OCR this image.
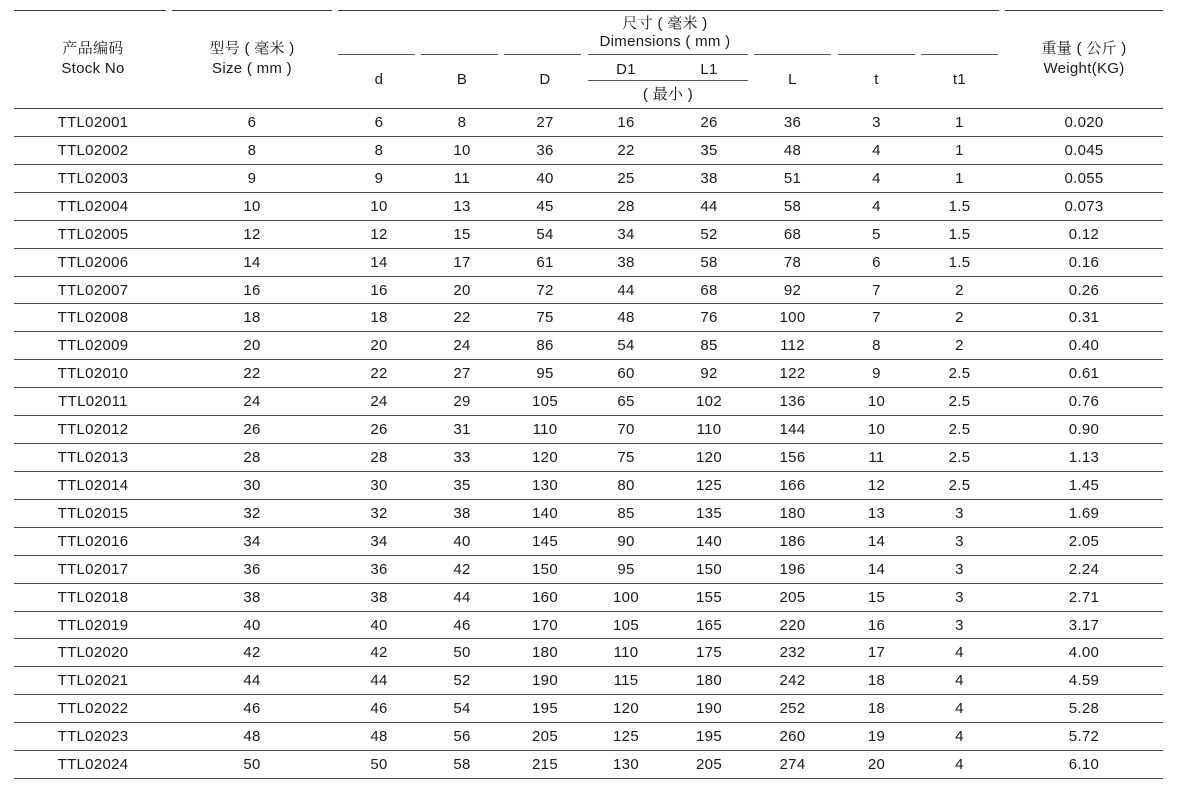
产品编码
Stock No
型号 ( 毫米 )
Size ( mm )
尺寸 ( 毫米 )
Dimensions ( mm )
d	B	D
D1	L1
( 最小 )
L	t	t1
重量 ( 公斤 )
Weight(KG)
TTL02001	6	6	8	27	16	26	36	3	1	0.020
TTL02002	8	8	10	36	22	35	48	4	1	0.045
TTL02003	9	9	11	40	25	38	51	4	1	0.055
TTL02004	10	10	13	45	28	44	58	4	1.5	0.073
TTL02005	12	12	15	54	34	52	68	5	1.5	0.12
TTL02006	14	14	17	61	38	58	78	6	1.5	0.16
TTL02007	16	16	20	72	44	68	92	7	2	0.26
TTL02008	18	18	22	75	48	76	100	7	2	0.31
TTL02009	20	20	24	86	54	85	112	8	2	0.40
TTL02010	22	22	27	95	60	92	122	9	2.5	0.61
TTL02011	24	24	29	105	65	102	136	10	2.5	0.76
TTL02012	26	26	31	110	70	110	144	10	2.5	0.90
TTL02013	28	28	33	120	75	120	156	11	2.5	1.13
TTL02014	30	30	35	130	80	125	166	12	2.5	1.45
TTL02015	32	32	38	140	85	135	180	13	3	1.69
TTL02016	34	34	40	145	90	140	186	14	3	2.05
TTL02017	36	36	42	150	95	150	196	14	3	2.24
TTL02018	38	38	44	160	100	155	205	15	3	2.71
TTL02019	40	40	46	170	105	165	220	16	3	3.17
TTL02020	42	42	50	180	110	175	232	17	4	4.00
TTL02021	44	44	52	190	115	180	242	18	4	4.59
TTL02022	46	46	54	195	120	190	252	18	4	5.28
TTL02023	48	48	56	205	125	195	260	19	4	5.72
TTL02024	50	50	58	215	130	205	274	20	4	6.10
